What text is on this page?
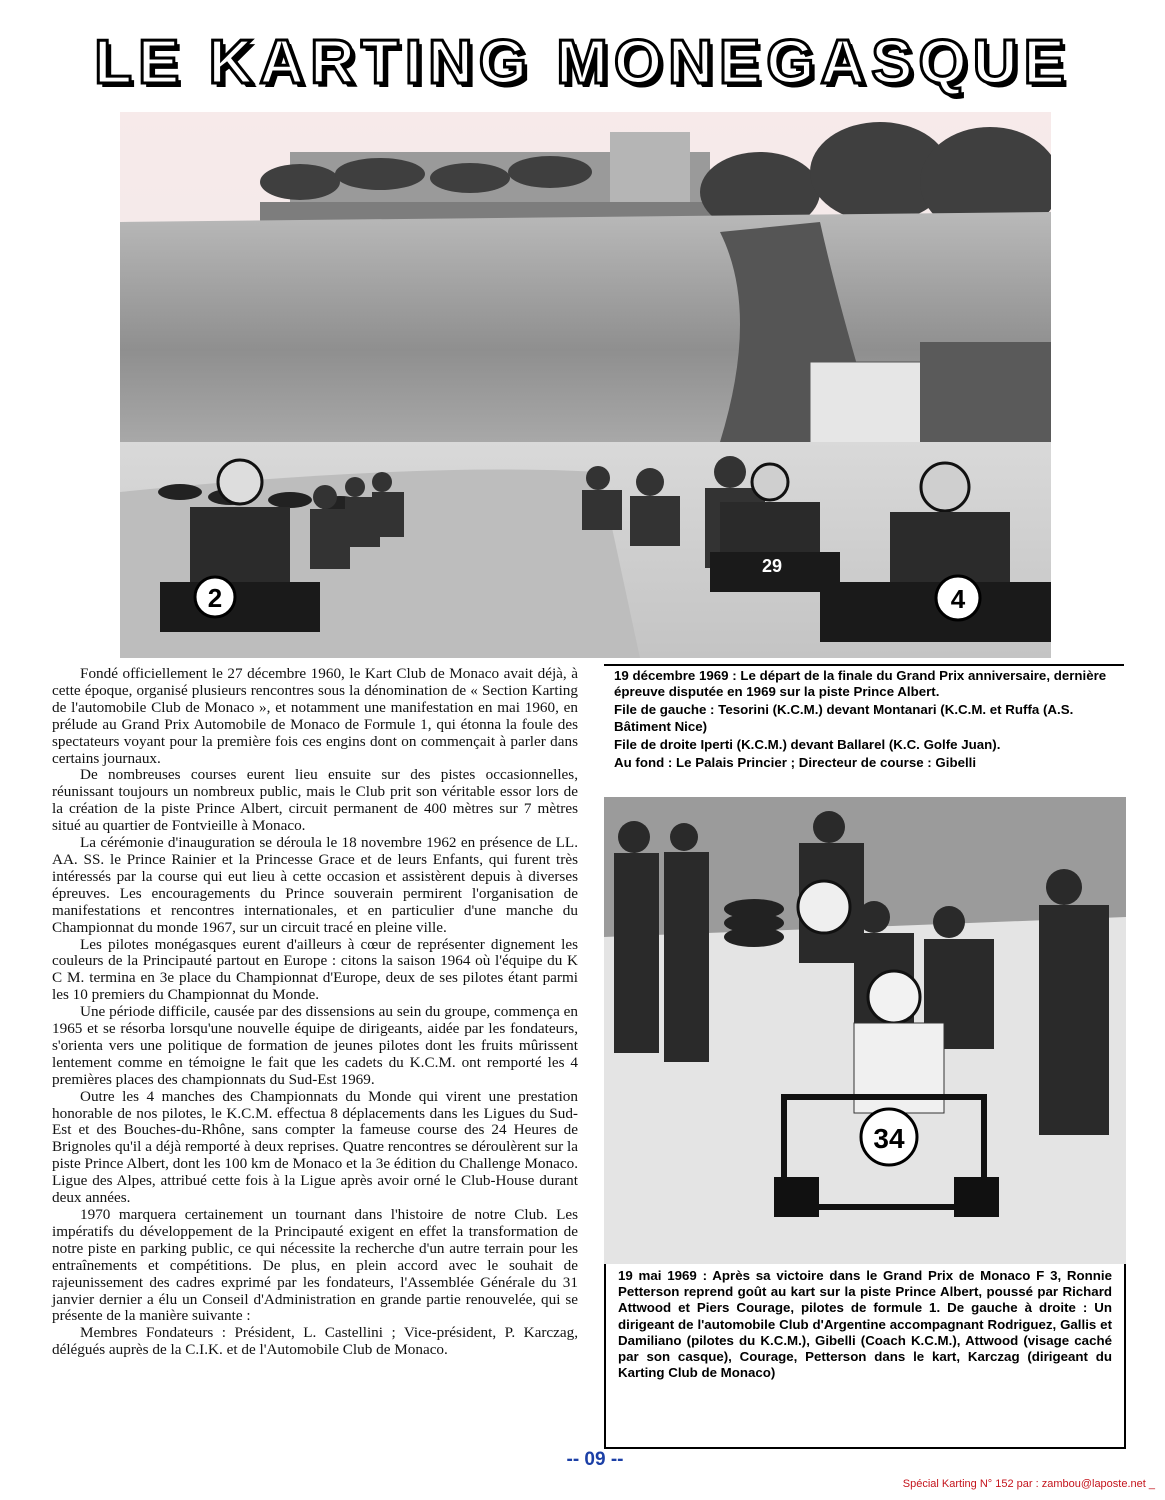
LE KARTING MONEGASQUE
2
29
4
19 décembre 1969 : Le départ de la finale du Grand Prix anniversaire, dernière épreuve disputée en 1969 sur la piste Prince Albert.
File de gauche : Tesorini (K.C.M.) devant Montanari (K.C.M. et Ruffa (A.S. Bâtiment Nice)
File de droite Iperti (K.C.M.) devant Ballarel (K.C. Golfe Juan).
Au fond : Le Palais Princier ; Directeur de course : Gibelli
34
19 mai 1969 : Après sa victoire dans le Grand Prix de Monaco F 3, Ronnie Petterson reprend goût au kart sur la piste Prince Albert, poussé par Richard Attwood et Piers Courage, pilotes de formule 1. De gauche à droite : Un dirigeant de l'automobile Club d'Argentine accompagnant Rodriguez, Gallis et Damiliano (pilotes du K.C.M.), Gibelli (Coach K.C.M.), Attwood (visage caché par son casque), Courage, Petterson dans le kart, Karczag (dirigeant du Karting Club de Monaco)

Fondé officiellement le 27 décembre 1960, le Kart Club de Monaco avait déjà, à cette époque, organisé plusieurs rencontres sous la dénomination de « Section Karting de l'automobile Club de Monaco », et notamment une manifestation en mai 1960, en prélude au Grand Prix Automobile de Monaco de Formule 1, qui étonna la foule des spectateurs voyant pour la première fois ces engins dont on commençait à parler dans certains journaux.

De nombreuses courses eurent lieu ensuite sur des pistes occasionnelles, réunissant toujours un nombreux public, mais le Club prit son véritable essor lors de la création de la piste Prince Albert, circuit permanent de 400 mètres sur 7 mètres situé au quartier de Fontvieille à Monaco.

La cérémonie d'inauguration se déroula le 18 novembre 1962 en présence de LL. AA. SS. le Prince Rainier et la Princesse Grace et de leurs Enfants, qui furent très intéressés par la course qui eut lieu à cette occasion et assistèrent depuis à diverses épreuves. Les encouragements du Prince souverain permirent l'organisation de manifestations et rencontres internationales, et en particulier d'une manche du Championnat du monde 1967, sur un circuit tracé en pleine ville.

Les pilotes monégasques eurent d'ailleurs à cœur de représenter dignement les couleurs de la Principauté partout en Europe : citons la saison 1964 où l'équipe du K C M. termina en 3e place du Championnat d'Europe, deux de ses pilotes étant parmi les 10 premiers du Championnat du Monde.

Une période difficile, causée par des dissensions au sein du groupe, commença en 1965 et se résorba lorsqu'une nouvelle équipe de dirigeants, aidée par les fondateurs, s'orienta vers une politique de formation de jeunes pilotes dont les fruits mûrissent lentement comme en témoigne le fait que les cadets du K.C.M. ont remporté les 4 premières places des championnats du Sud-Est 1969.

Outre les 4 manches des Championnats du Monde qui virent une prestation honorable de nos pilotes, le K.C.M. effectua 8 déplacements dans les Ligues du Sud-Est et des Bouches-du-Rhône, sans compter la fameuse course des 24 Heures de Brignoles qu'il a déjà remporté à deux reprises. Quatre rencontres se déroulèrent sur la piste Prince Albert, dont les 100 km de Monaco et la 3e édition du Challenge Monaco. Ligue des Alpes, attribué cette fois à la Ligue après avoir orné le Club-House durant deux années.

1970 marquera certainement un tournant dans l'histoire de notre Club. Les impératifs du développement de la Principauté exigent en effet la transformation de notre piste en parking public, ce qui nécessite la recherche d'un autre terrain pour les entraînements et compétitions. De plus, en plein accord avec le souhait de rajeunissement des cadres exprimé par les fondateurs, l'Assemblée Générale du 31 janvier dernier a élu un Conseil d'Administration en grande partie renouvelée, qui se présente de la manière suivante :

Membres Fondateurs : Président, L. Castellini ; Vice-président, P. Karczag, délégués auprès de la C.I.K. et de l'Automobile Club de Monaco.

-- 09 --
Spécial Karting N° 152 par : zambou@laposte.net _
